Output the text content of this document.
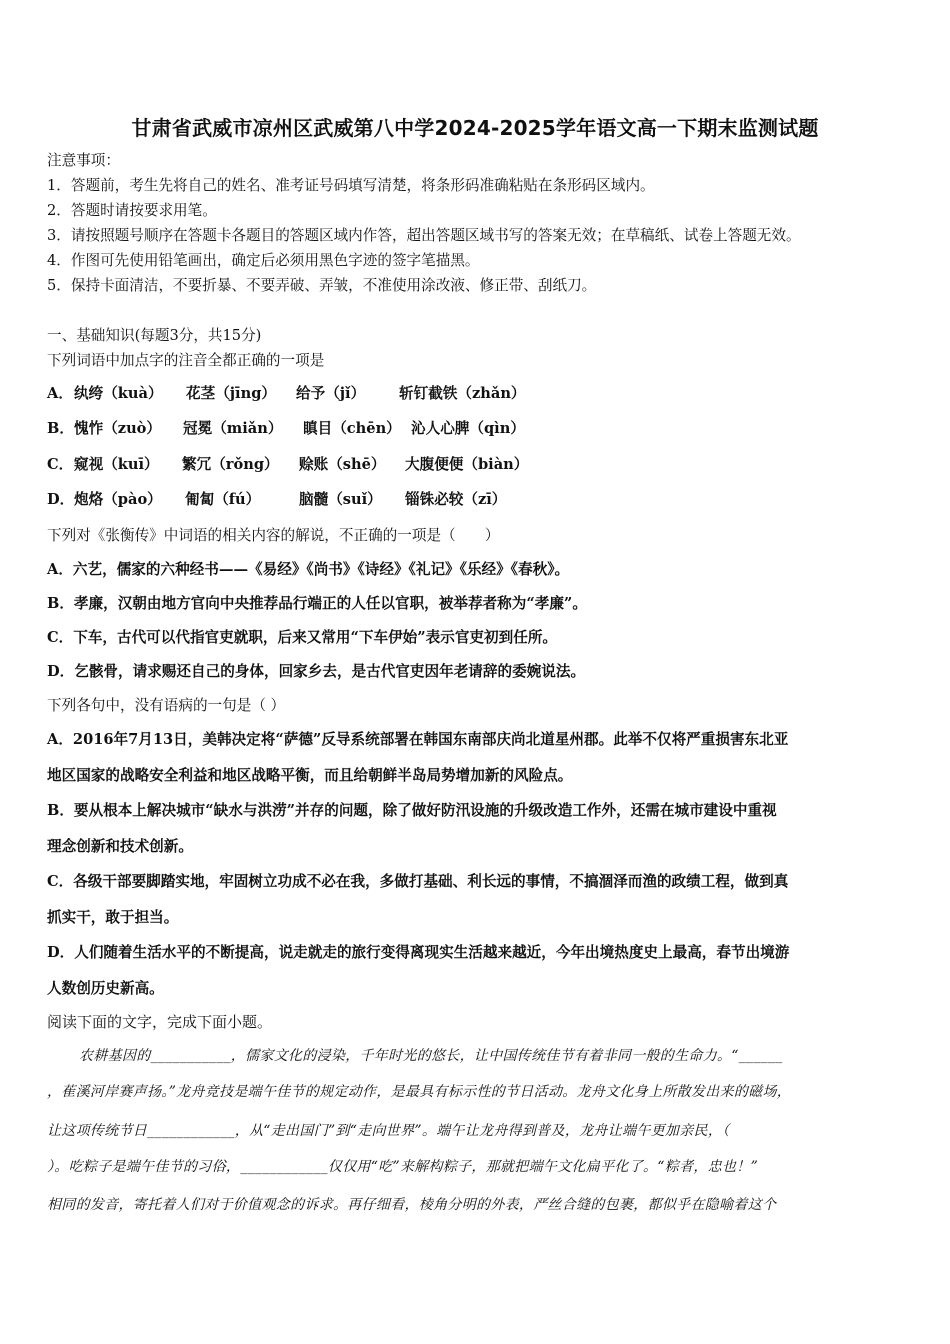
甘肃省武威市凉州区武威第八中学2024-2025学年语文高一下期末监测试题
注意事项：
1．答题前，考生先将自己的姓名、准考证号码填写清楚，将条形码准确粘贴在条形码区域内。
2．答题时请按要求用笔。
3．请按照题号顺序在答题卡各题目的答题区域内作答，超出答题区域书写的答案无效；在草稿纸、试卷上答题无效。
4．作图可先使用铅笔画出，确定后必须用黑色字迹的签字笔描黑。
5．保持卡面清洁，不要折暴、不要弄破、弄皱，不准使用涂改液、修正带、刮纸刀。
一、基础知识(每题3分，共15分)
下列词语中加点字的注音全都正确的一项是
A． 纨绔（kuà） 花茎（jīng） 给予（jǐ） 斩钉截铁（zhǎn）
B． 愧怍（zuò） 冠冕（miǎn） 瞋目（chēn） 沁人心脾（qìn）
C． 窥视（kuī） 繁冗（rǒng） 赊账（shē） 大腹便便（biàn）
D． 炮烙（pào） 匍匐（fú）	脑髓（suǐ） 锱铢必较（zī）
下列对《张衡传》中词语的相关内容的解说，不正确的一项是（　　）
A．六艺，儒家的六种经书——《易经》《尚书》《诗经》《礼记》《乐经》《春秋》。
B．孝廉，汉朝由地方官向中央推荐品行端正的人任以官职，被举荐者称为“孝廉”。
C．下车，古代可以代指官吏就职，后来又常用“下车伊始”表示官吏初到任所。
D．乞骸骨，请求赐还自己的身体，回家乡去，是古代官吏因年老请辞的委婉说法。
下列各句中，没有语病的一句是（ ）
A．2016年7月13日，美韩决定将“萨德”反导系统部署在韩国东南部庆尚北道星州郡。此举不仅将严重损害东北亚
地区国家的战略安全利益和地区战略平衡，而且给朝鲜半岛局势增加新的风险点。
B．要从根本上解决城市“缺水与洪涝”并存的问题，除了做好防汛设施的升级改造工作外，还需在城市建设中重视
理念创新和技术创新。
C．各级干部要脚踏实地，牢固树立功成不必在我，多做打基础、利长远的事情，不搞涸泽而渔的政绩工程，做到真
抓实干，敢于担当。
D．人们随着生活水平的不断提高，说走就走的旅行变得离现实生活越来越近，今年出境热度史上最高，春节出境游
人数创历史新高。
阅读下面的文字，完成下面小题。
农耕基因的___________，儒家文化的浸染，千年时光的悠长，让中国传统佳节有着非同一般的生命力。“______
，萑溪河岸赛声扬。”龙舟竞技是端午佳节的规定动作，是最具有标示性的节日活动。龙舟文化身上所散发出来的磁场，
让这项传统节日____________，从“走出国门”到“走向世界”。端午让龙舟得到普及，龙舟让端午更加亲民，（
）。吃粽子是端午佳节的习俗，____________仅仅用“吃”来解构粽子，那就把端午文化扁平化了。“粽者，忠也！”
相同的发音，寄托着人们对于价值观念的诉求。再仔细看，棱角分明的外表，严丝合缝的包裹，都似乎在隐喻着这个
